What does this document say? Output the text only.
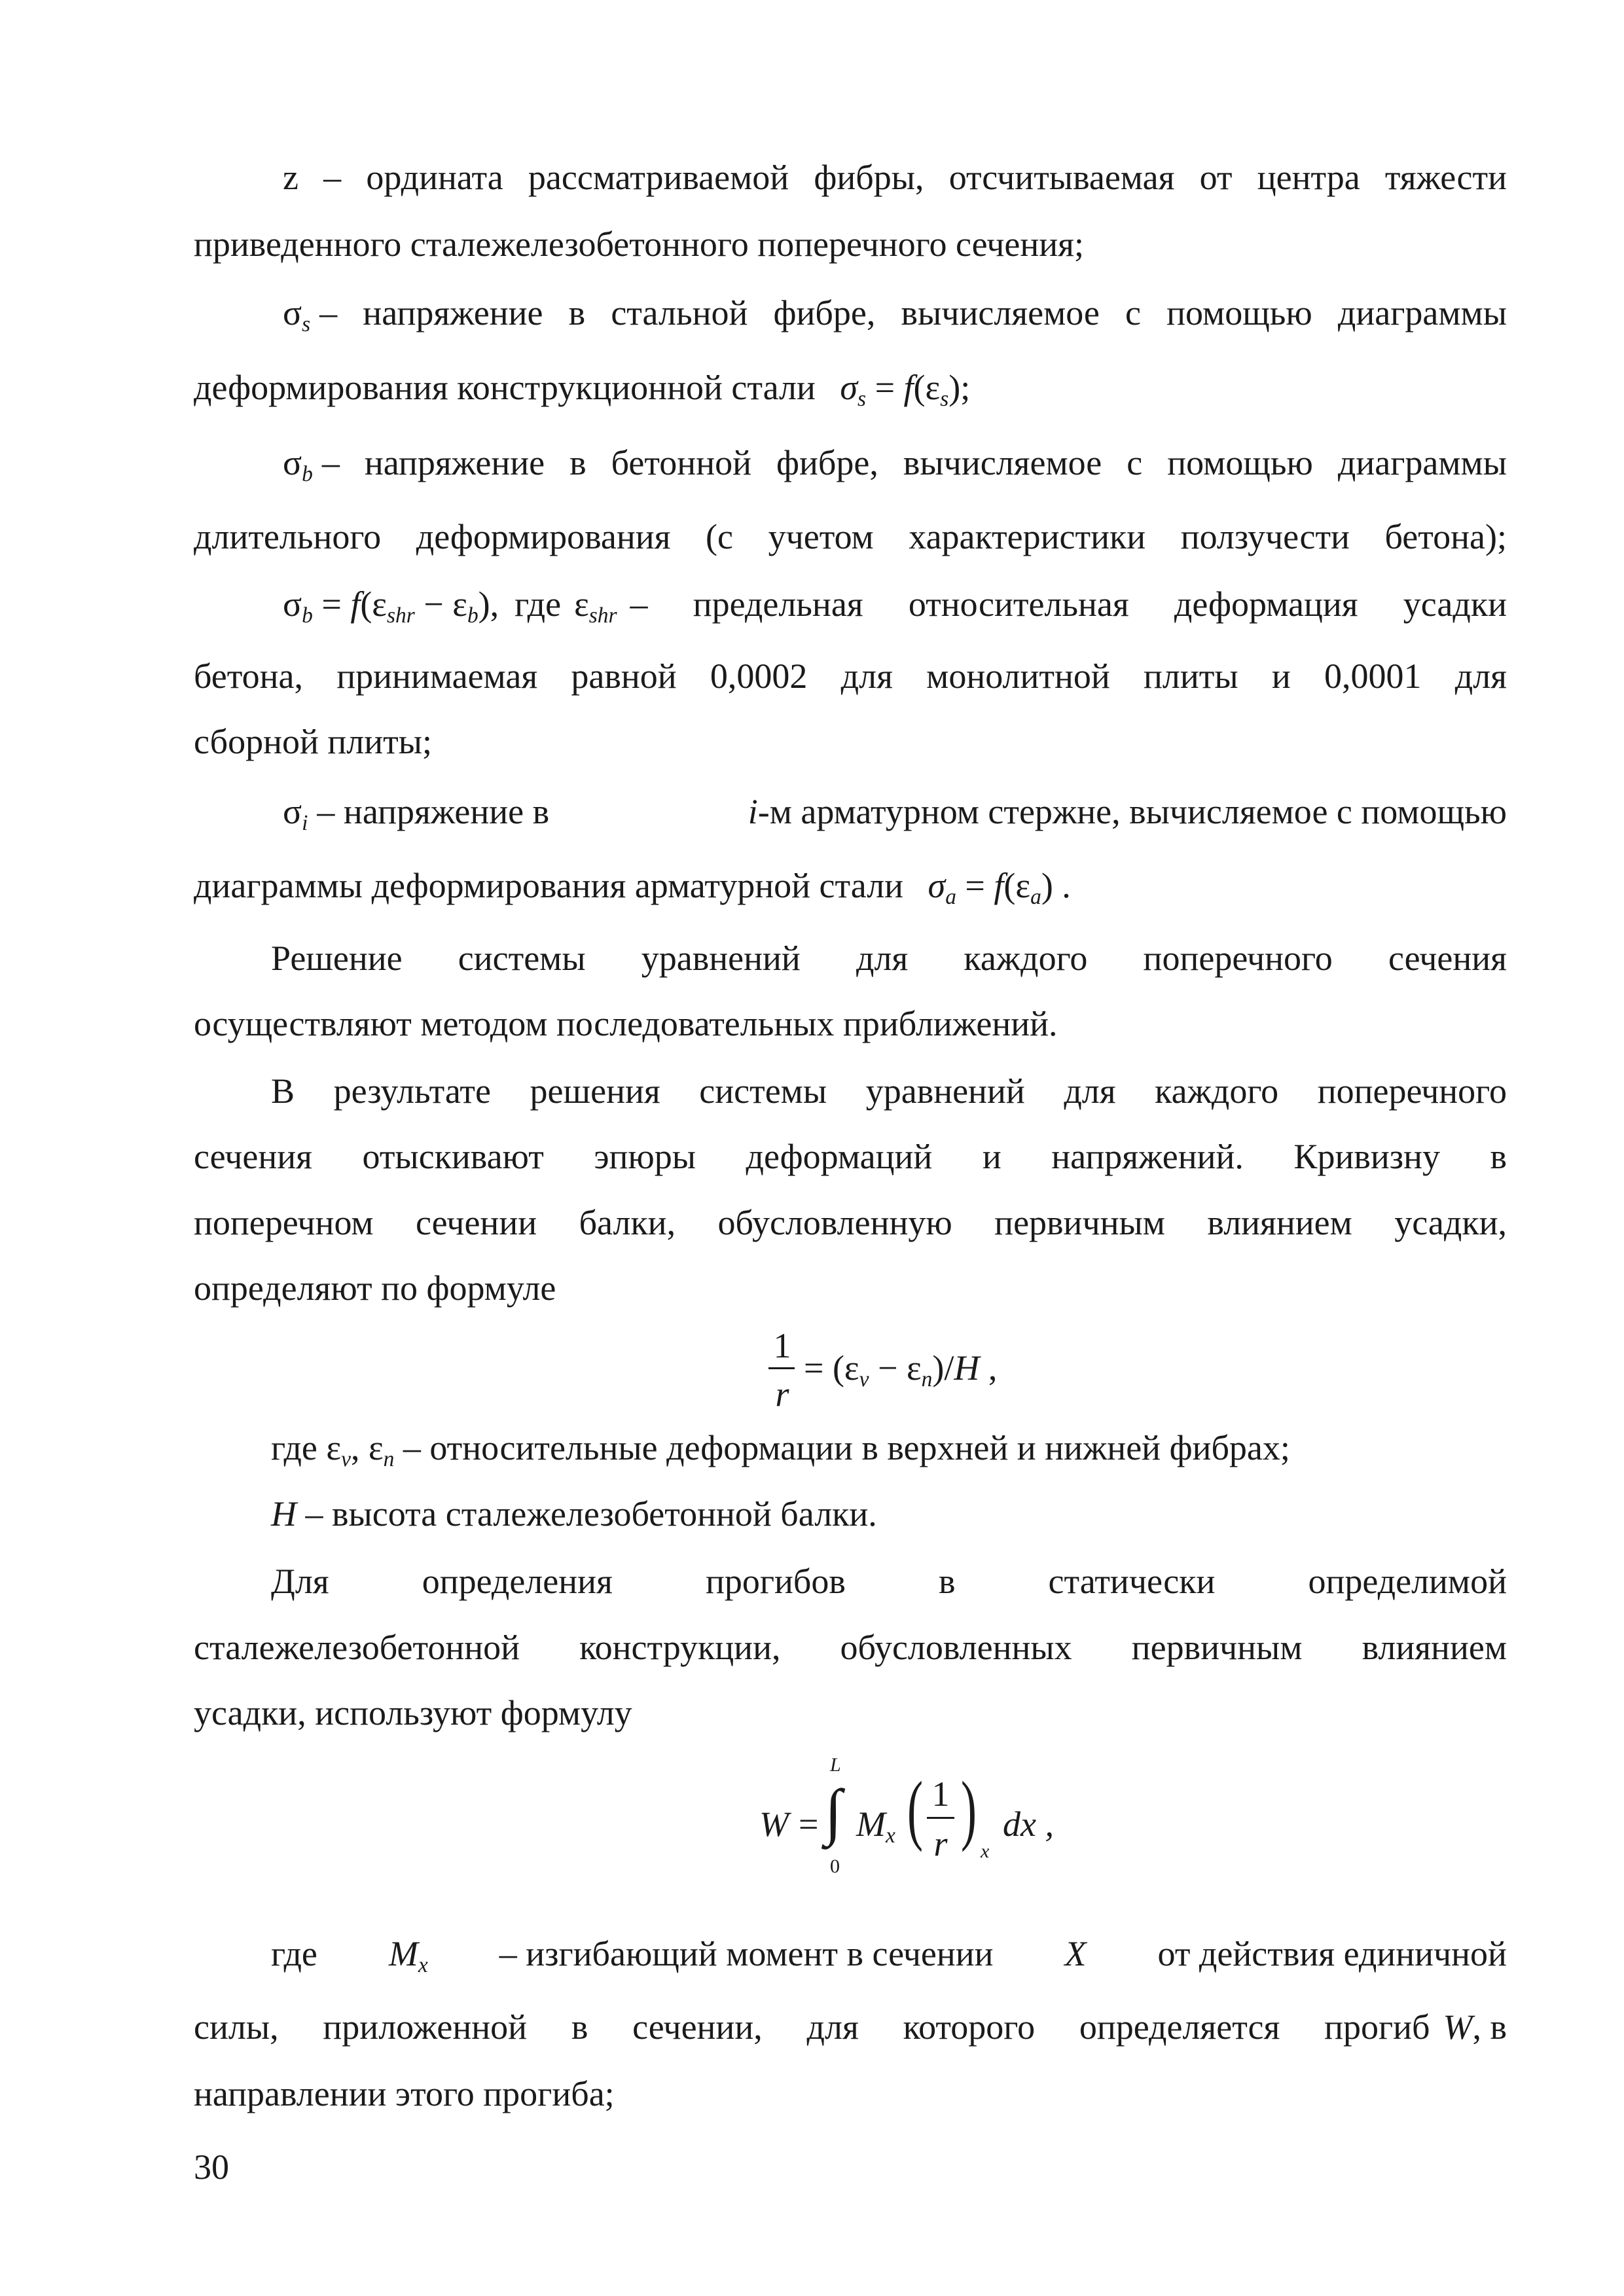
z – ордината рассматриваемой фибры, отсчитываемая от центра тяжести
приведенного сталежелезобетонного поперечного сечения;
$\sigma_s$ – напряжение в стальной фибре, вычисляемое с помощью диаграммы
деформирования конструкционной стали $\sigma_s = f(\varepsilon_s)$;
$\sigma_b$ – напряжение в бетонной фибре, вычисляемое с помощью диаграммы
длительного деформирования (с учетом характеристики ползучести бетона);
$\sigma_b = f(\varepsilon_{shr} - \varepsilon_b)$, где $\varepsilon_{shr}$ – предельная относительная деформация усадки
бетона, принимаемая равной 0,0002 для монолитной плиты и 0,0001 для
сборной плиты;
$\sigma_i$ – напряжение в	i-м арматурном стержне, вычисляемое с помощью
диаграммы деформирования арматурной стали $\sigma_a = f(\varepsilon_a)$ .
Решение системы уравнений для каждого поперечного сечения
осуществляют методом последовательных приближений.
В результате решения системы уравнений для каждого поперечного
сечения отыскивают эпюры деформаций и напряжений. Кривизну в
поперечном сечении балки, обусловленную первичным влиянием усадки,
определяют по формуле
1
r
= $(\varepsilon_v - \varepsilon_n)/H$ ,
где $\varepsilon_v$, $\varepsilon_n$ – относительные деформации в верхней и нижней фибрах;
H – высота сталежелезобетонной балки.
Для определения прогибов в статически определимой
сталежелезобетонной конструкции, обусловленных первичным влиянием
усадки, используют формулу
W =
L
∫
0
$M_x$ ( 1
r ) x
dx ,
где $M_x$ – изгибающий момент в сечении X от действия единичной
силы, приложенной в сечении, для которого определяется прогиб W, в
направлении этого прогиба;
30
